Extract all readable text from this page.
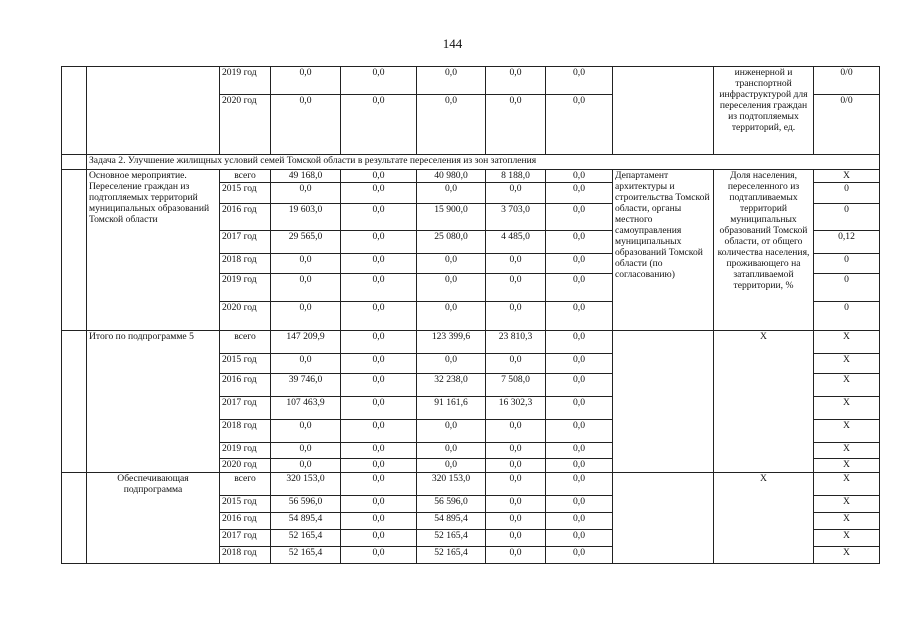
144
		2019 год	0,0	0,0	0,0	0,0	0,0		инженерной и транспортной инфраструктурой для переселения граждан из подтопляемых территорий, ед.	0/0
		2020 год	0,0	0,0	0,0	0,0	0,0			0/0
	Задача 2. Улучшение жилищных условий семей Томской области в результате переселения из зон затопления									
	Основное мероприятие. Переселение граждан из подтопляемых территорий муниципальных образований Томской области	всего	49 168,0	0,0	40 980,0	8 188,0	0,0	Департамент архитектуры и строительства Томской области, органы местного самоуправления муниципальных образований Томской области (по согласованию)	Доля населения, переселенного из подтапливаемых территорий муниципальных образований Томской области, от общего количества населения, проживающего на затапливаемой территории, %	X
		2015 год	0,0	0,0	0,0	0,0	0,0			0
		2016 год	19 603,0	0,0	15 900,0	3 703,0	0,0			0
		2017 год	29 565,0	0,0	25 080,0	4 485,0	0,0			0,12
		2018 год	0,0	0,0	0,0	0,0	0,0			0
		2019 год	0,0	0,0	0,0	0,0	0,0			0
		2020 год	0,0	0,0	0,0	0,0	0,0			0
	Итого по подпрограмме 5	всего	147 209,9	0,0	123 399,6	23 810,3	0,0		X	X
		2015 год	0,0	0,0	0,0	0,0	0,0			X
		2016 год	39 746,0	0,0	32 238,0	7 508,0	0,0			X
		2017 год	107 463,9	0,0	91 161,6	16 302,3	0,0			X
		2018 год	0,0	0,0	0,0	0,0	0,0			X
		2019 год	0,0	0,0	0,0	0,0	0,0			X
		2020 год	0,0	0,0	0,0	0,0	0,0			X
	Обеспечивающая подпрограмма	всего	320 153,0	0,0	320 153,0	0,0	0,0		X	X
		2015 год	56 596,0	0,0	56 596,0	0,0	0,0			X
		2016 год	54 895,4	0,0	54 895,4	0,0	0,0			X
		2017 год	52 165,4	0,0	52 165,4	0,0	0,0			X
		2018 год	52 165,4	0,0	52 165,4	0,0	0,0			X
